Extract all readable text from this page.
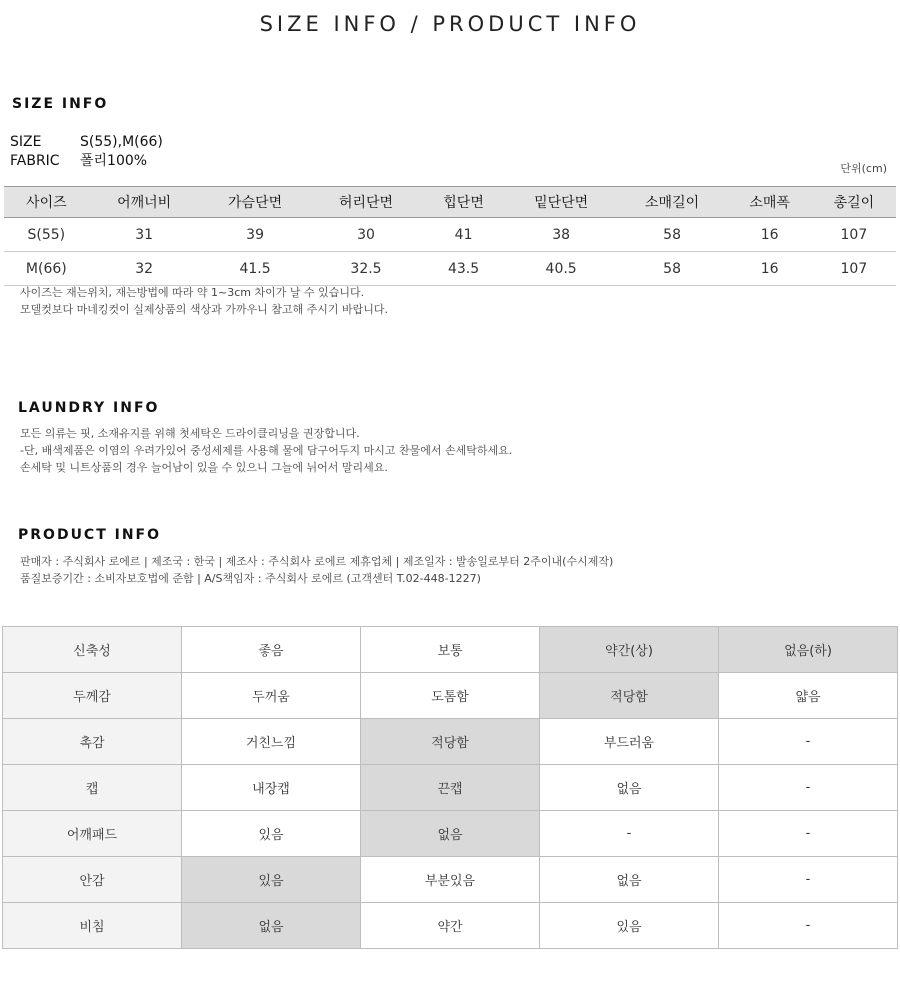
SIZE INFO / PRODUCT INFO
SIZE INFO
SIZE	S(55),M(66)
FABRIC 폴리100%	단위(cm)
사이즈	어깨너비	가슴단면	허리단면	힙단면	밑단단면	소매길이	소매폭	총길이
S(55)	31	39	30	41	38	58	16	107
M(66)	32	41.5	32.5	43.5	40.5	58	16	107
사이즈는 재는위치, 재는방법에 따라 약 1~3cm 차이가 날 수 있습니다.
모델컷보다 마네킹컷이 실제상품의 색상과 가까우니 참고해 주시기 바랍니다.
LAUNDRY INFO
모든 의류는 핏, 소재유지를 위해 첫세탁은 드라이클리닝을 권장합니다.
-단, 배색제품은 이염의 우려가있어 중성세제를 사용해 물에 담구어두지 마시고 찬물에서 손세탁하세요.
손세탁 및 니트상품의 경우 늘어남이 있을 수 있으니 그늘에 뉘어서 말리세요.
PRODUCT INFO
판매자 : 주식회사 로에르 | 제조국 : 한국 | 제조사 : 주식회사 로에르 제휴업체 | 제조일자 : 발송일로부터 2주이내(수시제작)
품질보증기간 : 소비자보호법에 준함 | A/S책임자 : 주식회사 로에르 (고객센터 T.02-448-1227)
신축성	좋음	보통	약간(상)	없음(하)
두께감	두꺼움	도톰함	적당함	얇음
촉감	거친느낌	적당함	부드러움	-
캡	내장캡	끈캡	없음	-
어깨패드	있음	없음	-	-
안감	있음	부분있음	없음	-
비침	없음	약간	있음	-
